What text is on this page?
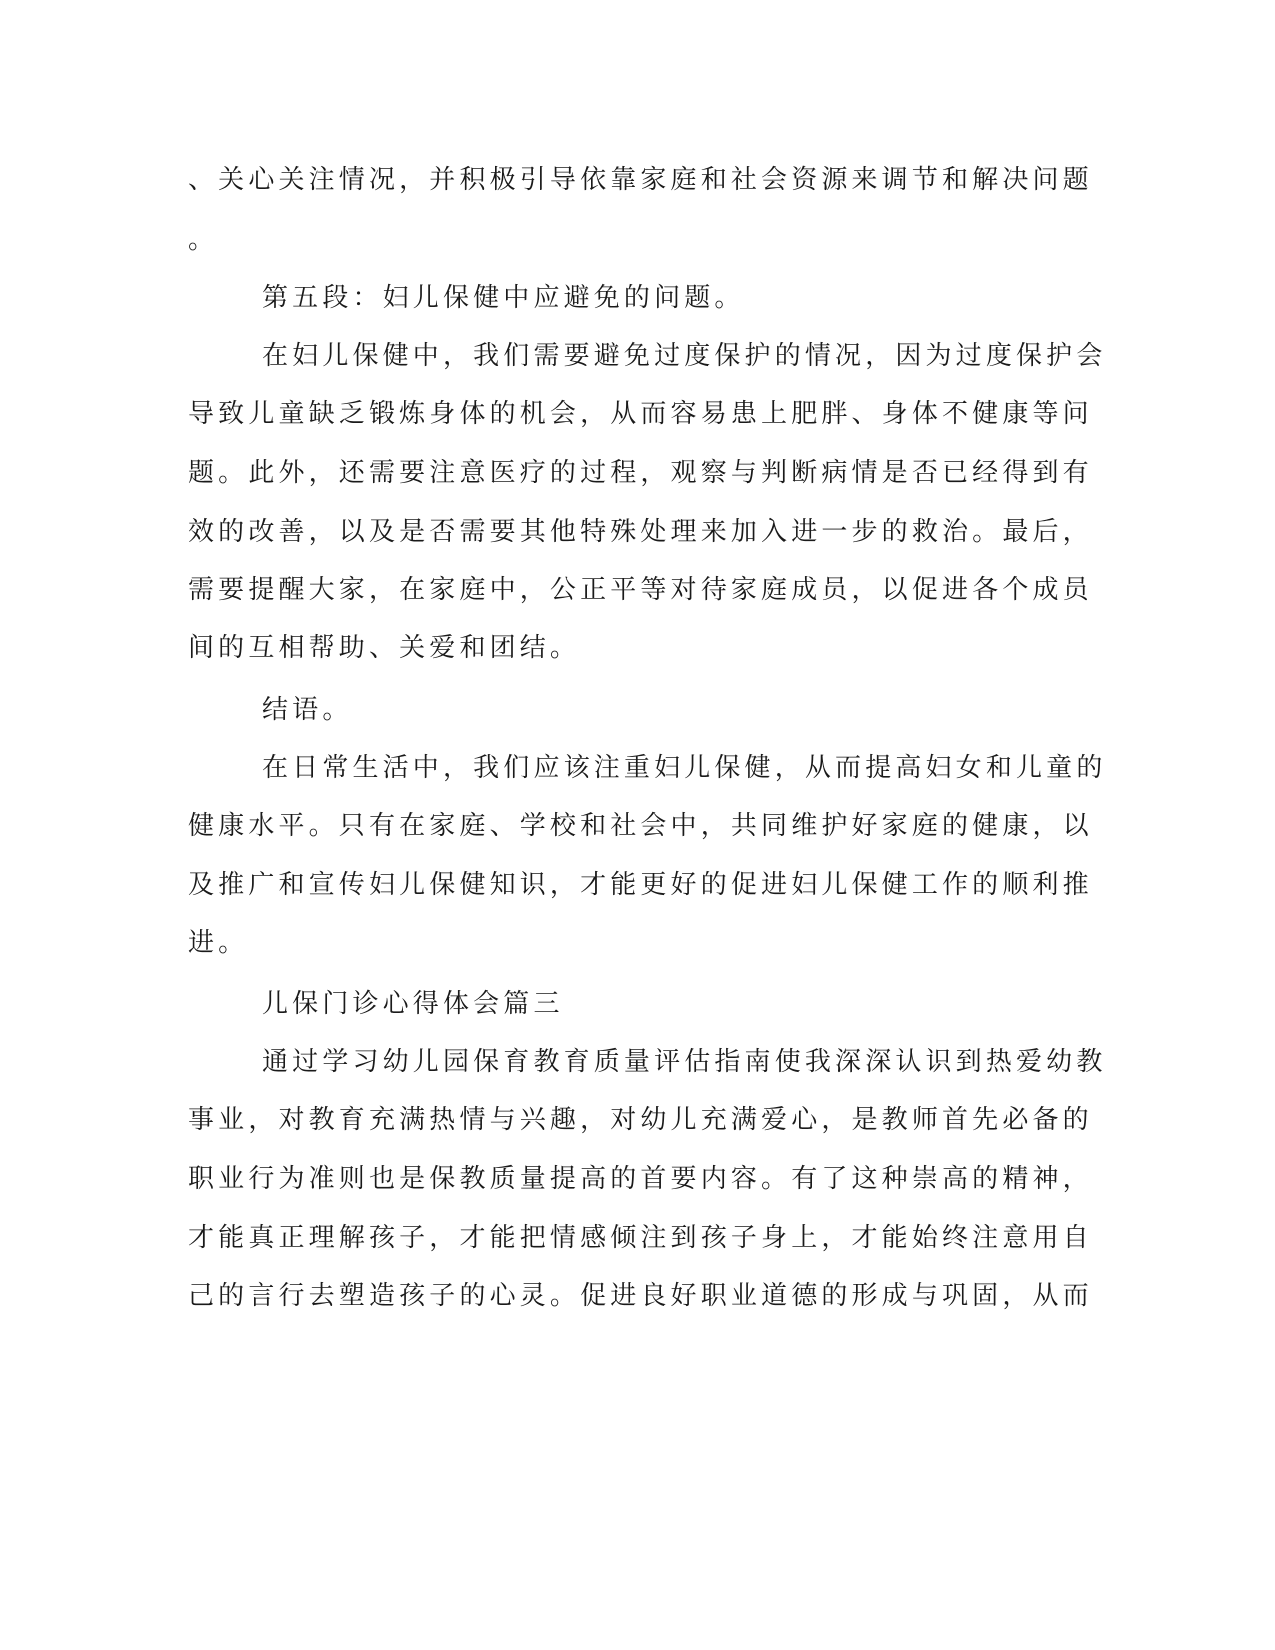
、关心关注情况，并积极引导依靠家庭和社会资源来调节和解决问题

。

第五段：妇儿保健中应避免的问题。

在妇儿保健中，我们需要避免过度保护的情况，因为过度保护会

导致儿童缺乏锻炼身体的机会，从而容易患上肥胖、身体不健康等问

题。此外，还需要注意医疗的过程，观察与判断病情是否已经得到有

效的改善，以及是否需要其他特殊处理来加入进一步的救治。最后，

需要提醒大家，在家庭中，公正平等对待家庭成员，以促进各个成员

间的互相帮助、关爱和团结。

结语。

在日常生活中，我们应该注重妇儿保健，从而提高妇女和儿童的

健康水平。只有在家庭、学校和社会中，共同维护好家庭的健康，以

及推广和宣传妇儿保健知识，才能更好的促进妇儿保健工作的顺利推

进。

儿保门诊心得体会篇三

通过学习幼儿园保育教育质量评估指南使我深深认识到热爱幼教

事业，对教育充满热情与兴趣，对幼儿充满爱心，是教师首先必备的

职业行为准则也是保教质量提高的首要内容。有了这种崇高的精神，

才能真正理解孩子，才能把情感倾注到孩子身上，才能始终注意用自

己的言行去塑造孩子的心灵。促进良好职业道德的形成与巩固，从而
